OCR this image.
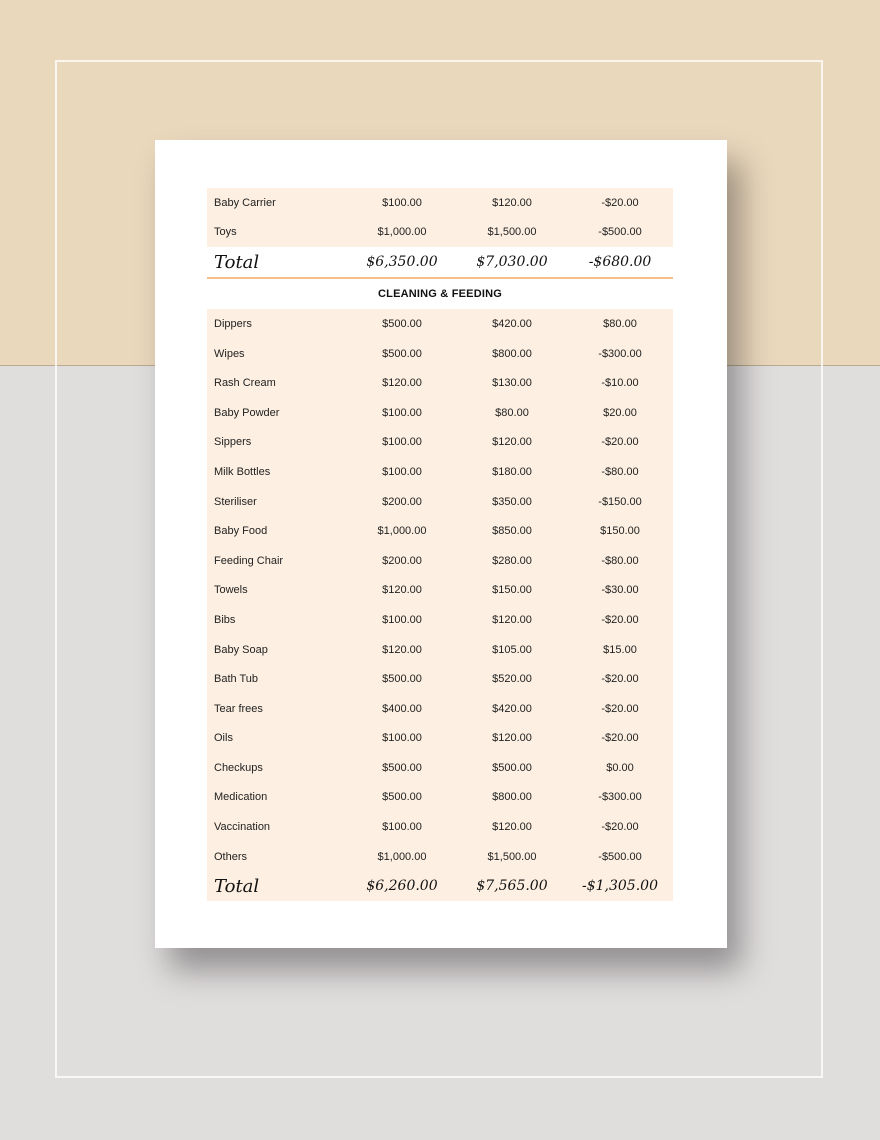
Baby Carrier	$100.00	$120.00	-$20.00
Toys	$1,000.00	$1,500.00	-$500.00
Total	$6,350.00	$7,030.00	-$680.00
CLEANING & FEEDING
Dippers	$500.00	$420.00	$80.00
Wipes	$500.00	$800.00	-$300.00
Rash Cream	$120.00	$130.00	-$10.00
Baby Powder	$100.00	$80.00	$20.00
Sippers	$100.00	$120.00	-$20.00
Milk Bottles	$100.00	$180.00	-$80.00
Steriliser	$200.00	$350.00	-$150.00
Baby Food	$1,000.00	$850.00	$150.00
Feeding Chair	$200.00	$280.00	-$80.00
Towels	$120.00	$150.00	-$30.00
Bibs	$100.00	$120.00	-$20.00
Baby Soap	$120.00	$105.00	$15.00
Bath Tub	$500.00	$520.00	-$20.00
Tear frees	$400.00	$420.00	-$20.00
Oils	$100.00	$120.00	-$20.00
Checkups	$500.00	$500.00	$0.00
Medication	$500.00	$800.00	-$300.00
Vaccination	$100.00	$120.00	-$20.00
Others	$1,000.00	$1,500.00	-$500.00
Total	$6,260.00	$7,565.00	-$1,305.00
